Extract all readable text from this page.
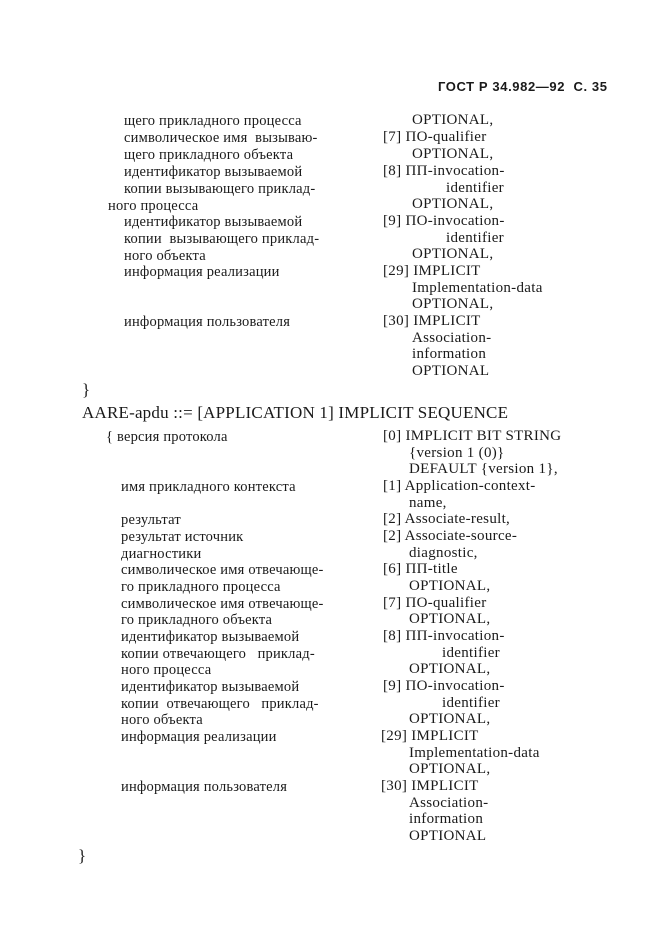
ГОСТ Р 34.982—92  С. 35
щего прикладного процесса
символическое имя  вызываю-
щего прикладного объекта
идентификатор вызываемой
копии вызывающего приклад-
ного процесса
идентификатор вызываемой
копии  вызывающего приклад-
ного объекта
информация реализации
информация пользователя
OPTIONAL,
[7] ПО-qualifier
OPTIONAL,
[8] ПП-invocation-
identifier
OPTIONAL,
[9] ПО-invocation-
identifier
OPTIONAL,
[29] IMPLICIT
Implementation-data
OPTIONAL,
[30] IMPLICIT
Association-
information
OPTIONAL
}
AARE-apdu ::= [APPLICATION 1] IMPLICIT SEQUENCE
{ версия протокола
имя прикладного контекста
результат
результат источник
диагностики
символическое имя отвечающе-
го прикладного процесса
символическое имя отвечающе-
го прикладного объекта
идентификатор вызываемой
копии отвечающего   приклад-
ного процесса
идентификатор вызываемой
копии  отвечающего   приклад-
ного объекта
информация реализации
информация пользователя
[0] IMPLICIT BIT STRING
{version 1 (0)}
DEFAULT {version 1},
[1] Application-context-
name,
[2] Associate-result,
[2] Associate-source-
diagnostic,
[6] ПП-title
OPTIONAL,
[7] ПО-qualifier
OPTIONAL,
[8] ПП-invocation-
identifier
OPTIONAL,
[9] ПО-invocation-
identifier
OPTIONAL,
[29] IMPLICIT
Implementation-data
OPTIONAL,
[30] IMPLICIT
Association-
information
OPTIONAL
}
